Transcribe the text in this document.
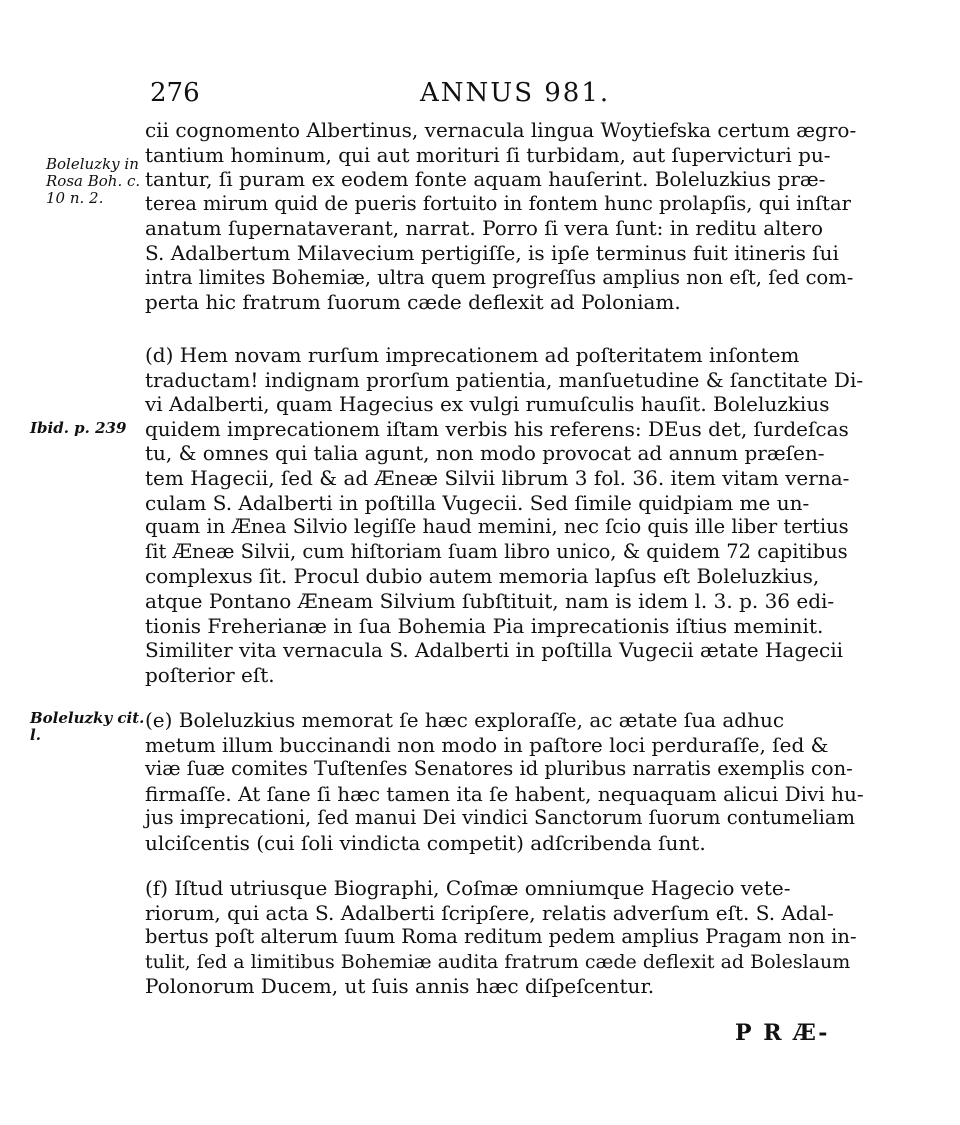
276	ANNUS 981.
Boleluzky in Rosa Boh. c. 10 n. 2.
Ibid. p. 239
Boleluzky cit. l.

cii cognomento Albertinus, vernacula lingua Woytiefska certum ægro-
tantium hominum, qui aut morituri ſi turbidam, aut ſupervicturi pu-
tantur, ſi puram ex eodem fonte aquam hauſerint. Boleluzkius præ-
terea mirum quid de pueris fortuito in fontem hunc prolapſis, qui inſtar
anatum ſupernataverant, narrat. Porro ſi vera ſunt: in reditu altero
S. Adalbertum Milavecium pertigiſſe, is ipſe terminus fuit itineris ſui
intra limites Bohemiæ, ultra quem progreſſus amplius non eſt, ſed com-
perta hic fratrum ſuorum cæde deflexit ad Poloniam.

(d) Hem novam rurſum imprecationem ad poſteritatem inſontem
traductam! indignam prorſum patientia, manſuetudine & ſanctitate Di-
vi Adalberti, quam Hagecius ex vulgi rumuſculis hauſit. Boleluzkius
quidem imprecationem iſtam verbis his referens: DEus det, ſurdeſcas
tu, & omnes qui talia agunt, non modo provocat ad annum præſen-
tem Hagecii, ſed & ad Æneæ Silvii librum 3 fol. 36. item vitam verna-
culam S. Adalberti in poſtilla Vugecii. Sed ſimile quidpiam me un-
quam in Ænea Silvio legiſſe haud memini, nec ſcio quis ille liber tertius
ſit Æneæ Silvii, cum hiſtoriam ſuam libro unico, & quidem 72 capitibus
complexus ſit. Procul dubio autem memoria lapſus eſt Boleluzkius,
atque Pontano Æneam Silvium ſubſtituit, nam is idem l. 3. p. 36 edi-
tionis Freherianæ in ſua Bohemia Pia imprecationis iſtius meminit.
Similiter vita vernacula S. Adalberti in poſtilla Vugecii ætate Hagecii
poſterior eſt.

(e) Boleluzkius memorat ſe hæc exploraſſe, ac ætate ſua adhuc
metum illum buccinandi non modo in paſtore loci perduraſſe, ſed &
viæ ſuæ comites Tuſtenſes Senatores id pluribus narratis exemplis con-
firmaſſe. At ſane ſi hæc tamen ita ſe habent, nequaquam alicui Divi hu-
jus imprecationi, ſed manui Dei vindici Sanctorum ſuorum contumeliam
ulciſcentis (cui ſoli vindicta competit) adſcribenda ſunt.

(f) Iſtud utriusque Biographi, Coſmæ omniumque Hagecio vete-
riorum, qui acta S. Adalberti ſcripſere, relatis adverſum eſt. S. Adal-
bertus poſt alterum ſuum Roma reditum pedem amplius Pragam non in-
tulit, ſed a limitibus Bohemiæ audita fratrum cæde deflexit ad Boleslaum
Polonorum Ducem, ut ſuis annis hæc diſpeſcentur.

P R Æ-
